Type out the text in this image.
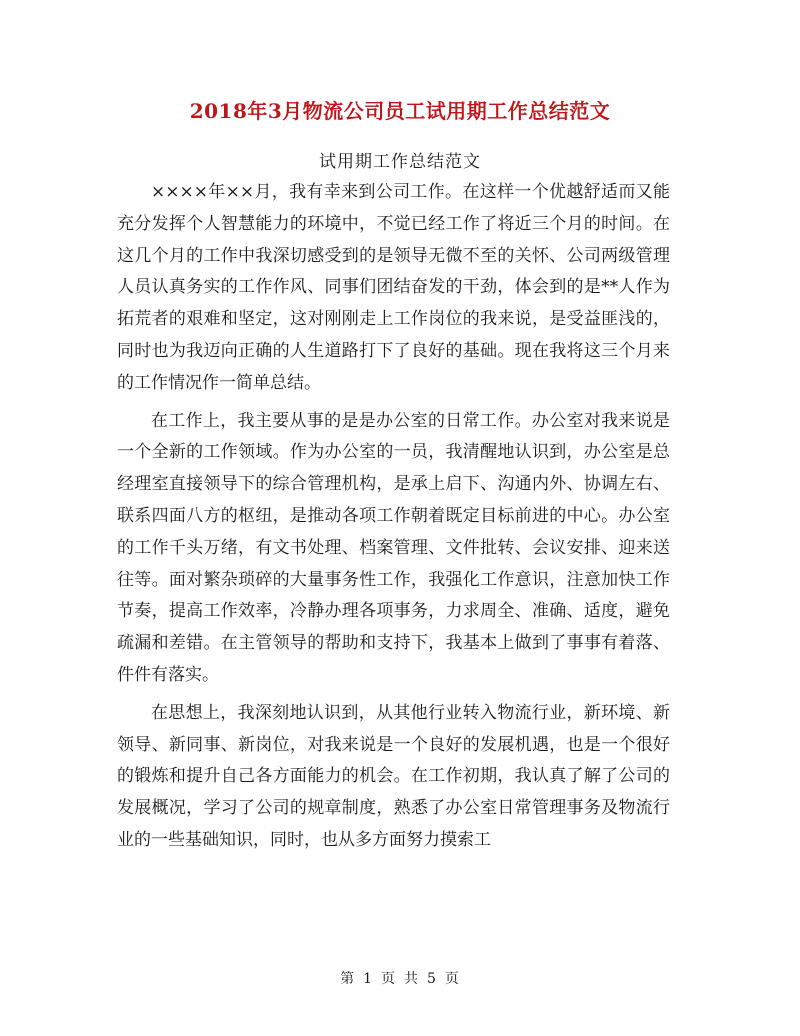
2018年3月物流公司员工试用期工作总结范文
试用期工作总结范文

××××年××月，我有幸来到公司工作。在这样一个优越舒适而又能充分发挥个人智慧能力的环境中，不觉已经工作了将近三个月的时间。在这几个月的工作中我深切感受到的是领导无微不至的关怀、公司两级管理人员认真务实的工作作风、同事们团结奋发的干劲，体会到的是**人作为拓荒者的艰难和坚定，这对刚刚走上工作岗位的我来说，是受益匪浅的，同时也为我迈向正确的人生道路打下了良好的基础。现在我将这三个月来的工作情况作一简单总结。

在工作上，我主要从事的是是办公室的日常工作。办公室对我来说是一个全新的工作领域。作为办公室的一员，我清醒地认识到，办公室是总经理室直接领导下的综合管理机构，是承上启下、沟通内外、协调左右、联系四面八方的枢纽，是推动各项工作朝着既定目标前进的中心。办公室的工作千头万绪，有文书处理、档案管理、文件批转、会议安排、迎来送往等。面对繁杂琐碎的大量事务性工作，我强化工作意识，注意加快工作节奏，提高工作效率，冷静办理各项事务，力求周全、准确、适度，避免疏漏和差错。在主管领导的帮助和支持下，我基本上做到了事事有着落、件件有落实。

在思想上，我深刻地认识到，从其他行业转入物流行业，新环境、新领导、新同事、新岗位，对我来说是一个良好的发展机遇，也是一个很好的锻炼和提升自己各方面能力的机会。在工作初期，我认真了解了公司的发展概况，学习了公司的规章制度，熟悉了办公室日常管理事务及物流行业的一些基础知识，同时，也从多方面努力摸索工

第 1 页 共 5 页
